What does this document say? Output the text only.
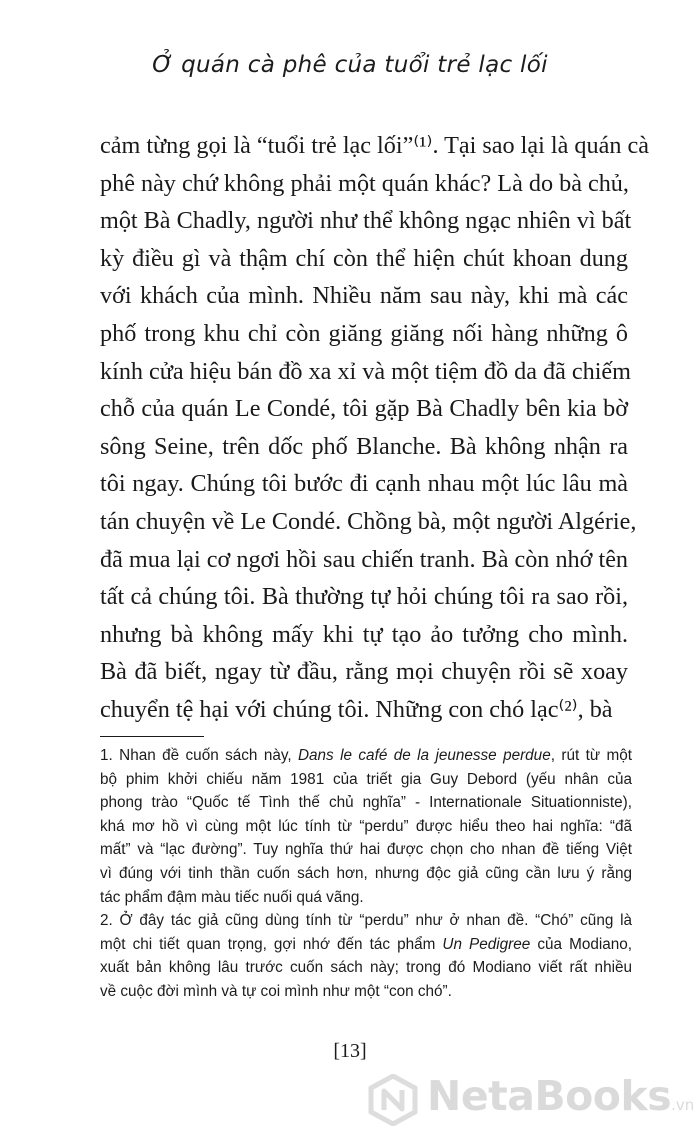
Ở quán cà phê của tuổi trẻ lạc lối
cảm từng gọi là “tuổi trẻ lạc lối”⁽¹⁾. Tại sao lại là quán cà
phê này chứ không phải một quán khác? Là do bà chủ,
một Bà Chadly, người như thể không ngạc nhiên vì bất
kỳ điều gì và thậm chí còn thể hiện chút khoan dung
với khách của mình. Nhiều năm sau này, khi mà các
phố trong khu chỉ còn giăng giăng nối hàng những ô
kính cửa hiệu bán đồ xa xỉ và một tiệm đồ da đã chiếm
chỗ của quán Le Condé, tôi gặp Bà Chadly bên kia bờ
sông Seine, trên dốc phố Blanche. Bà không nhận ra
tôi ngay. Chúng tôi bước đi cạnh nhau một lúc lâu mà
tán chuyện về Le Condé. Chồng bà, một người Algérie,
đã mua lại cơ ngơi hồi sau chiến tranh. Bà còn nhớ tên
tất cả chúng tôi. Bà thường tự hỏi chúng tôi ra sao rồi,
nhưng bà không mấy khi tự tạo ảo tưởng cho mình.
Bà đã biết, ngay từ đầu, rằng mọi chuyện rồi sẽ xoay
chuyển tệ hại với chúng tôi. Những con chó lạc⁽²⁾, bà
1. Nhan đề cuốn sách này, Dans le café de la jeunesse perdue, rút từ một
bộ phim khởi chiếu năm 1981 của triết gia Guy Debord (yếu nhân của
phong trào “Quốc tế Tình thế chủ nghĩa” - Internationale Situationniste),
khá mơ hồ vì cùng một lúc tính từ “perdu” được hiểu theo hai nghĩa: “đã
mất” và “lạc đường”. Tuy nghĩa thứ hai được chọn cho nhan đề tiếng Việt
vì đúng với tinh thần cuốn sách hơn, nhưng độc giả cũng cần lưu ý rằng
tác phẩm đậm màu tiếc nuối quá vãng.
2. Ở đây tác giả cũng dùng tính từ “perdu” như ở nhan đề. “Chó” cũng là
một chi tiết quan trọng, gợi nhớ đến tác phẩm Un Pedigree của Modiano,
xuất bản không lâu trước cuốn sách này; trong đó Modiano viết rất nhiều
về cuộc đời mình và tự coi mình như một “con chó”.
[13]
NetaBooks.vn
